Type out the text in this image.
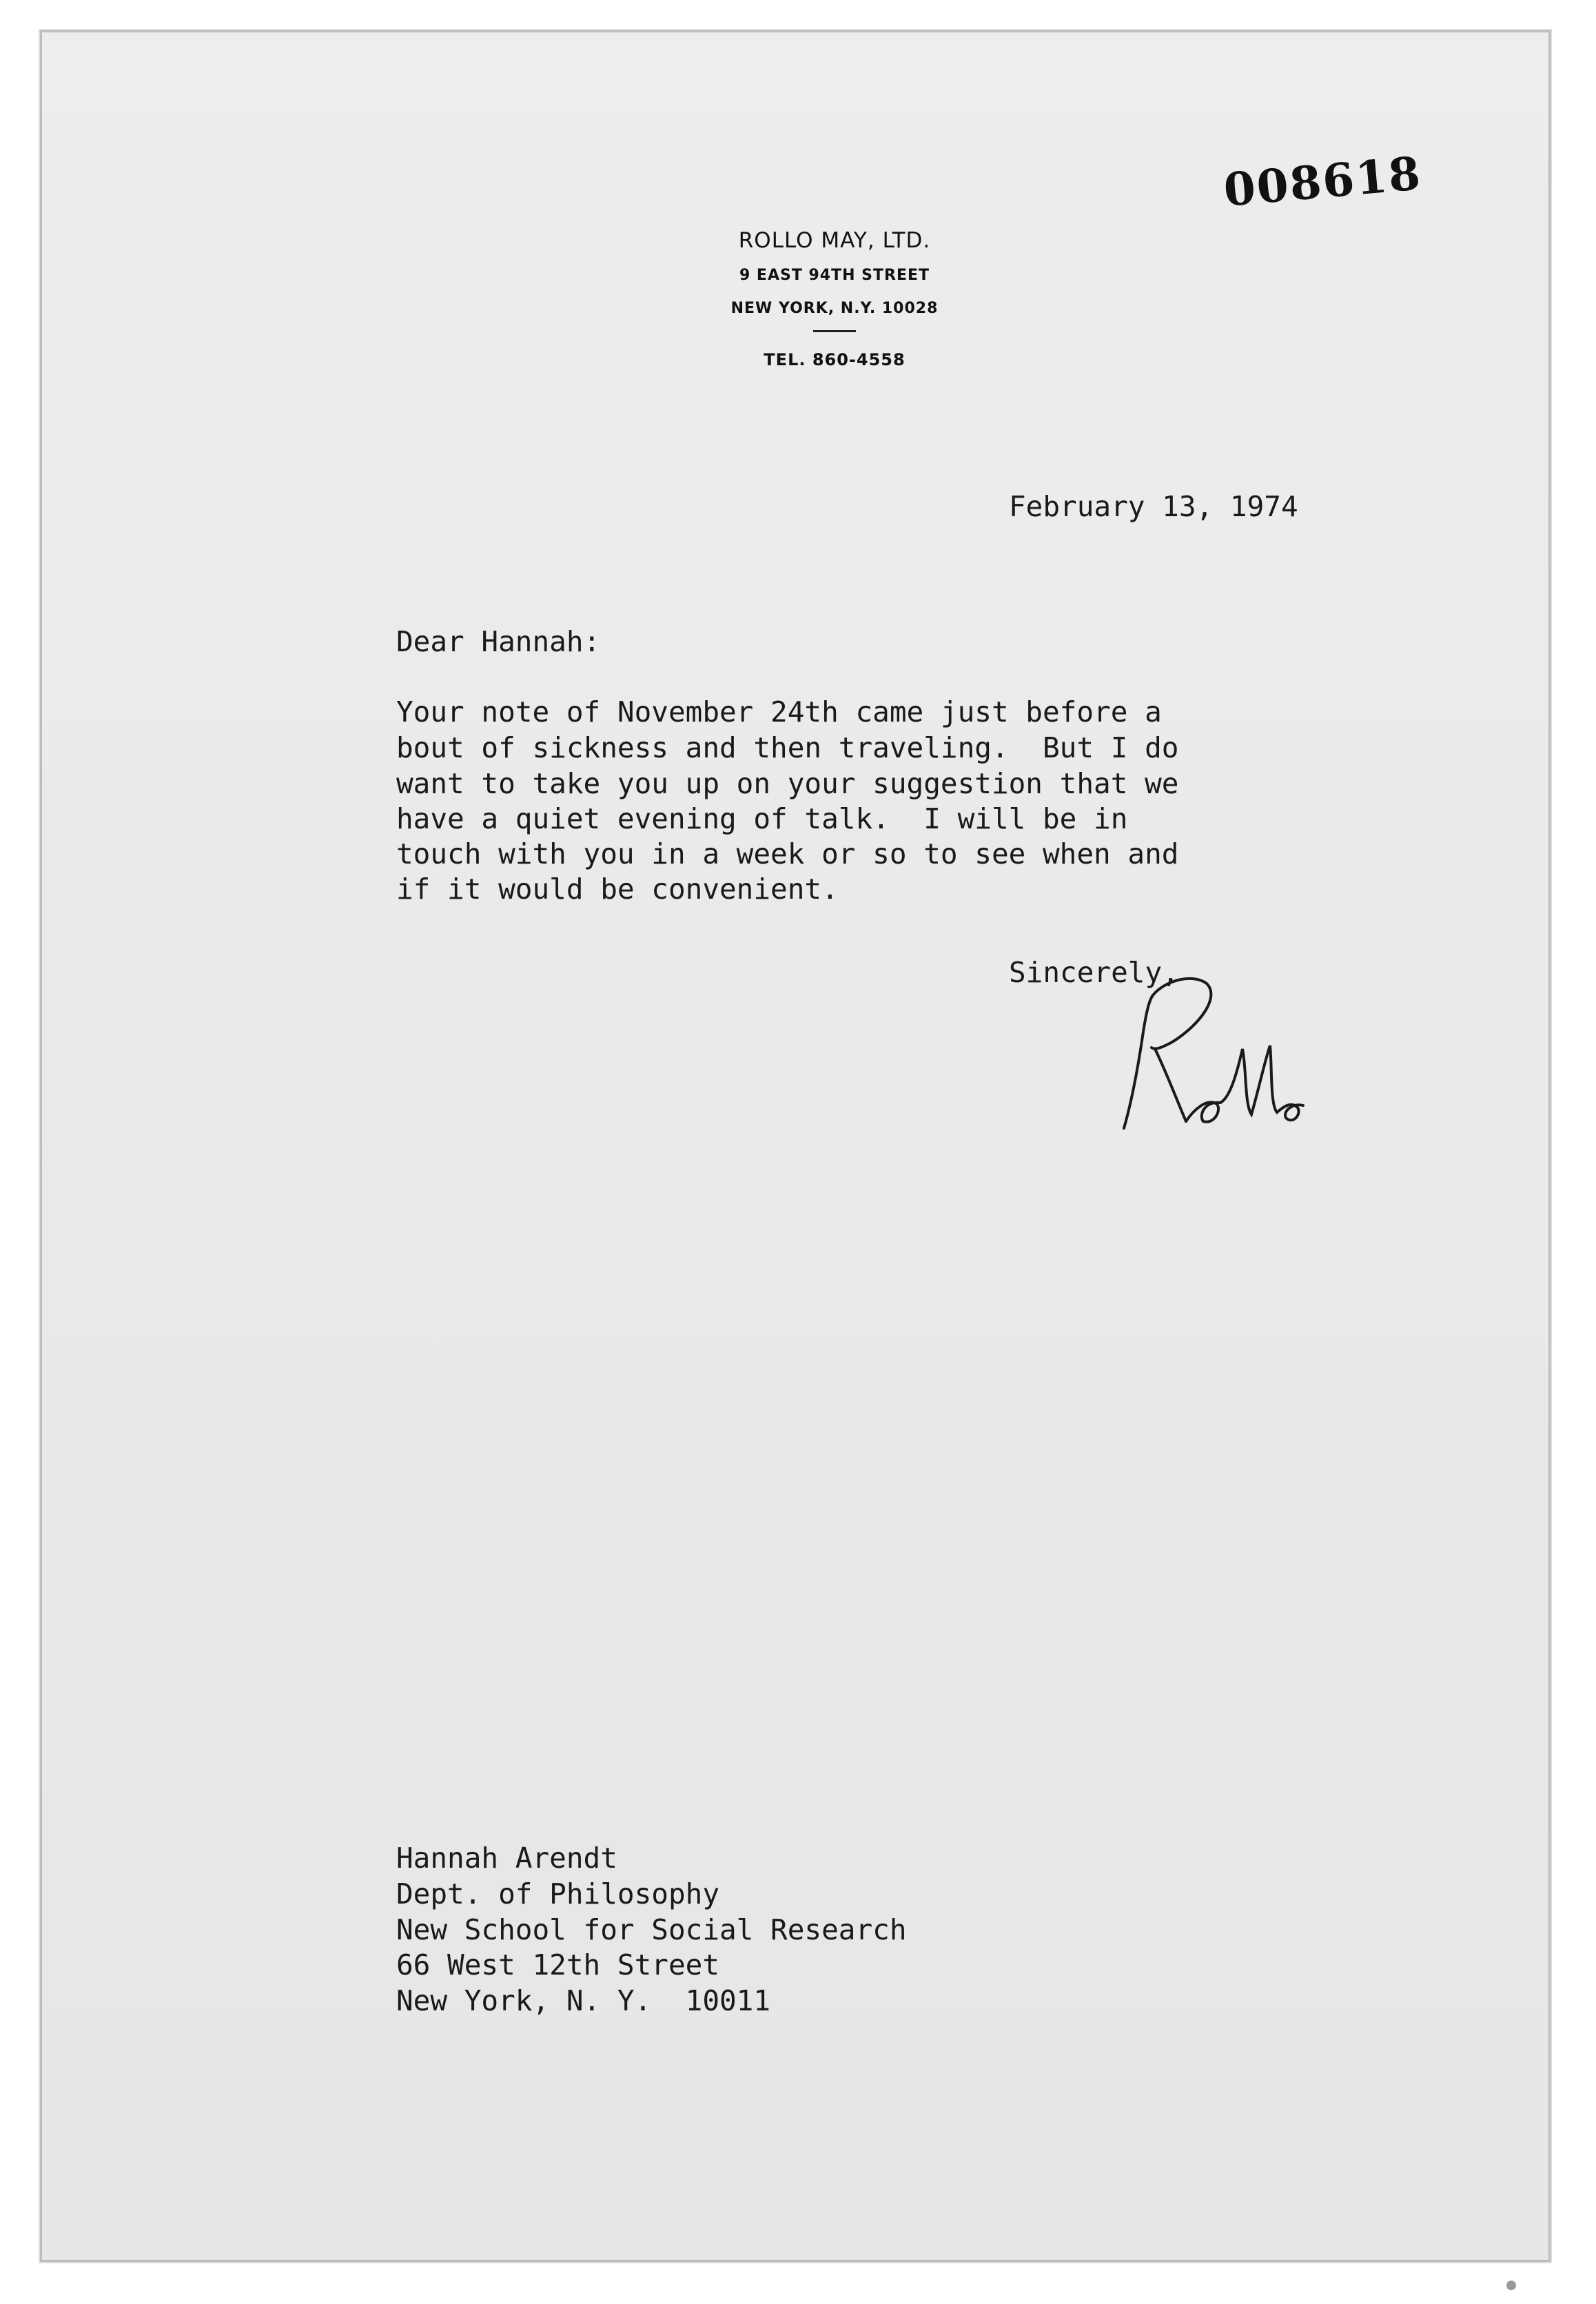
008618
ROLLO MAY, LTD.
9 EAST 94TH STREET
NEW YORK, N.Y. 10028
TEL. 860-4558
February 13, 1974
Dear Hannah:
Your note of November 24th came just before a
bout of sickness and then traveling.  But I do
want to take you up on your suggestion that we
have a quiet evening of talk.  I will be in
touch with you in a week or so to see when and
if it would be convenient.
Sincerely,
Hannah Arendt
Dept. of Philosophy
New School for Social Research
66 West 12th Street
New York, N. Y.  10011
